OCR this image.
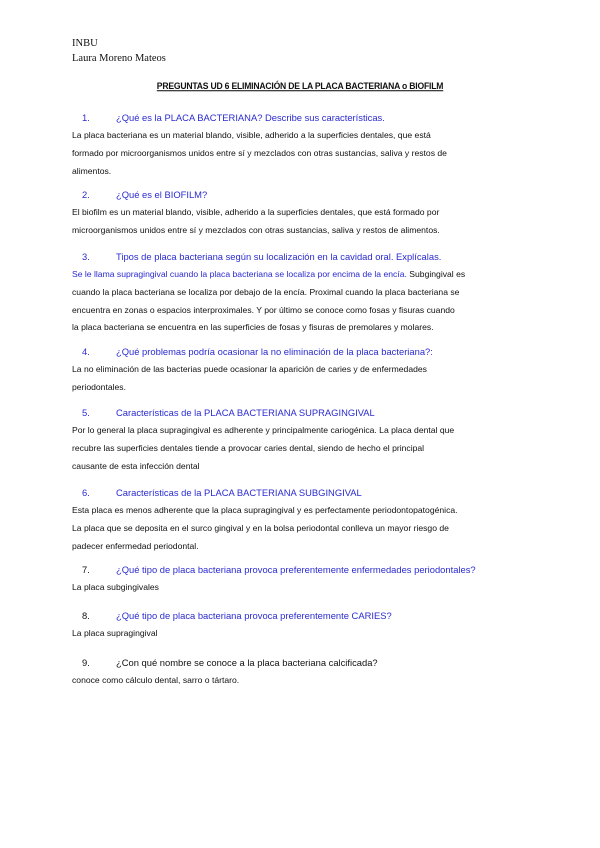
INBU
Laura Moreno Mateos
PREGUNTAS UD 6 ELIMINACIÓN DE LA PLACA BACTERIANA o BIOFILM
1.	¿Qué es la PLACA BACTERIANA? Describe sus características.
La placa bacteriana es un material blando, visible, adherido a la superficies dentales, que está
formado por microorganismos unidos entre sí y mezclados con otras sustancias, saliva y restos de
alimentos.
2.	¿Qué es el BIOFILM?
El biofilm es un material blando, visible, adherido a la superficies dentales, que está formado por
microorganismos unidos entre sí y mezclados con otras sustancias, saliva y restos de alimentos.
3.	Tipos de placa bacteriana según su localización en la cavidad oral. Explícalas.
Se le llama supragingival cuando la placa bacteriana se localiza por encima de la encía. Subgingival es
cuando la placa bacteriana se localiza por debajo de la encía. Proximal cuando la placa bacteriana se
encuentra en zonas o espacios interproximales. Y por último se conoce como fosas y fisuras cuando
la placa bacteriana se encuentra en las superficies de fosas y fisuras de premolares y molares.
4.	¿Qué problemas podría ocasionar la no eliminación de la placa bacteriana?:
La no eliminación de las bacterias puede ocasionar la aparición de caries y de enfermedades
periodontales.
5.	Características de la PLACA BACTERIANA SUPRAGINGIVAL
Por lo general la placa supragingival es adherente y principalmente cariogénica. La placa dental que
recubre las superficies dentales tiende a provocar caries dental, siendo de hecho el principal
causante de esta infección dental
6.	Características de la PLACA BACTERIANA SUBGINGIVAL
Esta placa es menos adherente que la placa supragingival y es perfectamente periodontopatogénica.
La placa que se deposita en el surco gingival y en la bolsa periodontal conlleva un mayor riesgo de
padecer enfermedad periodontal.
7.	¿Qué tipo de placa bacteriana provoca preferentemente enfermedades periodontales?
La placa subgingivales
8.	¿Qué tipo de placa bacteriana provoca preferentemente CARIES?
La placa supragingival
9.	¿Con qué nombre se conoce a la placa bacteriana calcificada?
conoce como cálculo dental, sarro o tártaro.
